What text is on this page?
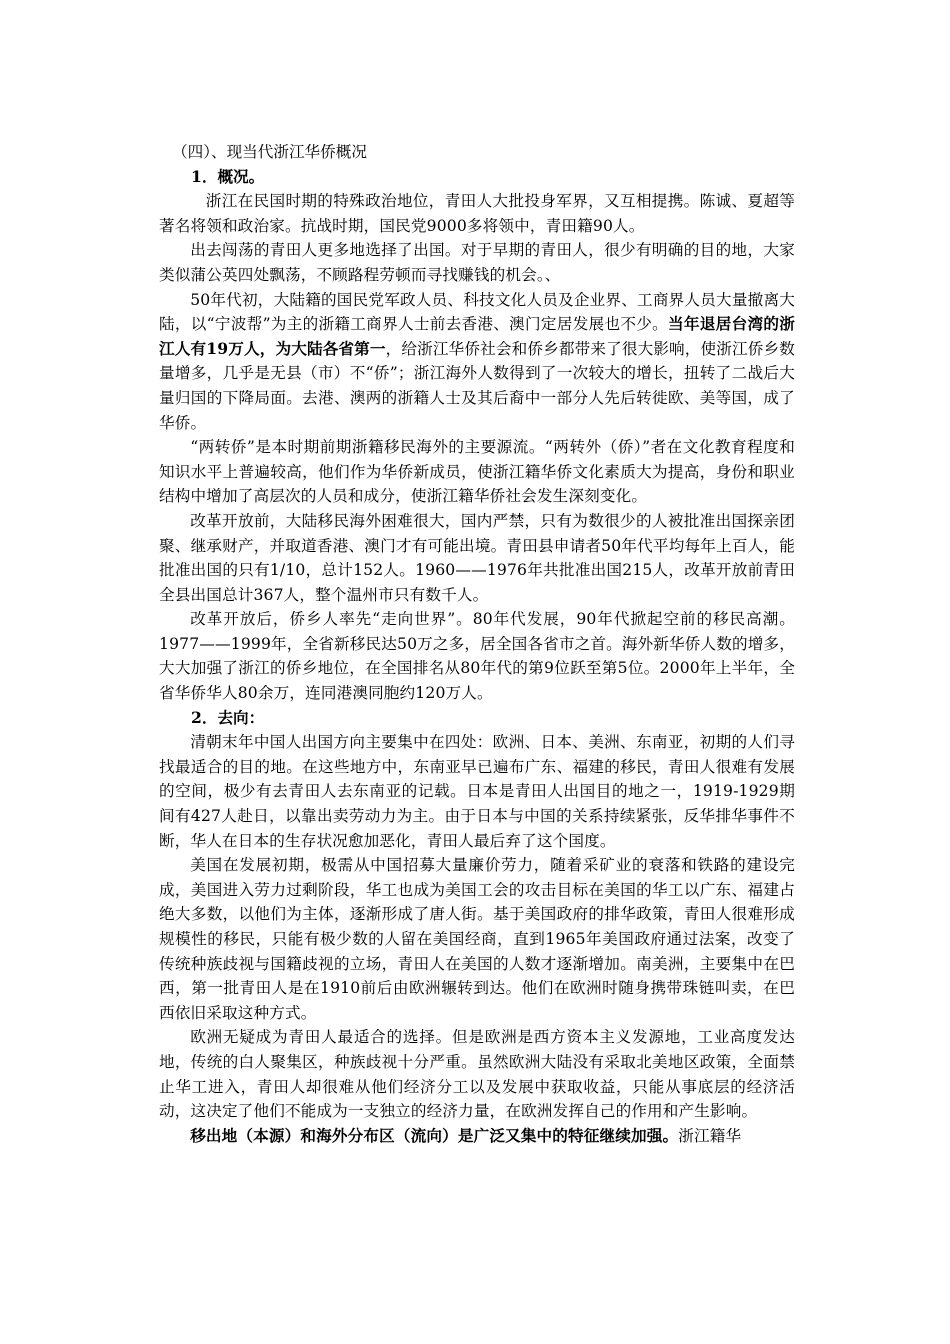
（四）、现当代浙江华侨概况

1．概况。

浙江在民国时期的特殊政治地位，青田人大批投身军界，又互相提携。陈诚、夏超等著名将领和政治家。抗战时期，国民党9000多将领中，青田籍90人。

出去闯荡的青田人更多地选择了出国。对于早期的青田人，很少有明确的目的地，大家类似蒲公英四处飘荡，不顾路程劳顿而寻找赚钱的机会。、

50年代初，大陆籍的国民党军政人员、科技文化人员及企业界、工商界人员大量撤离大陆，以“宁波帮”为主的浙籍工商界人士前去香港、澳门定居发展也不少。当年退居台湾的浙江人有19万人，为大陆各省第一，给浙江华侨社会和侨乡都带来了很大影响，使浙江侨乡数量增多，几乎是无县（市）不“侨”；浙江海外人数得到了一次较大的增长，扭转了二战后大量归国的下降局面。去港、澳两的浙籍人士及其后裔中一部分人先后转徙欧、美等国，成了华侨。

“两转侨”是本时期前期浙籍移民海外的主要源流。“两转外（侨）”者在文化教育程度和知识水平上普遍较高，他们作为华侨新成员，使浙江籍华侨文化素质大为提高，身份和职业结构中增加了高层次的人员和成分，使浙江籍华侨社会发生深刻变化。

改革开放前，大陆移民海外困难很大，国内严禁，只有为数很少的人被批准出国探亲团聚、继承财产，并取道香港、澳门才有可能出境。青田县申请者50年代平均每年上百人，能批准出国的只有1/10，总计152人。1960——1976年共批准出国215人，改革开放前青田全县出国总计367人，整个温州市只有数千人。

改革开放后，侨乡人率先“走向世界”。80年代发展，90年代掀起空前的移民高潮。1977——1999年，全省新移民达50万之多，居全国各省市之首。海外新华侨人数的增多，大大加强了浙江的侨乡地位，在全国排名从80年代的第9位跃至第5位。2000年上半年，全省华侨华人80余万，连同港澳同胞约120万人。

2．去向：

清朝末年中国人出国方向主要集中在四处：欧洲、日本、美洲、东南亚，初期的人们寻找最适合的目的地。在这些地方中，东南亚早已遍布广东、福建的移民，青田人很难有发展的空间，极少有去青田人去东南亚的记载。日本是青田人出国目的地之一，1919-1929期间有427人赴日，以靠出卖劳动力为主。由于日本与中国的关系持续紧张，反华排华事件不断，华人在日本的生存状况愈加恶化，青田人最后弃了这个国度。

美国在发展初期，极需从中国招募大量廉价劳力，随着采矿业的衰落和铁路的建设完成，美国进入劳力过剩阶段，华工也成为美国工会的攻击目标在美国的华工以广东、福建占绝大多数，以他们为主体，逐渐形成了唐人街。基于美国政府的排华政策，青田人很难形成规模性的移民，只能有极少数的人留在美国经商，直到1965年美国政府通过法案，改变了传统种族歧视与国籍歧视的立场，青田人在美国的人数才逐渐增加。南美洲，主要集中在巴西，第一批青田人是在1910前后由欧洲辗转到达。他们在欧洲时随身携带珠链叫卖，在巴西依旧采取这种方式。

欧洲无疑成为青田人最适合的选择。但是欧洲是西方资本主义发源地，工业高度发达地，传统的白人聚集区，种族歧视十分严重。虽然欧洲大陆没有采取北美地区政策，全面禁止华工进入，青田人却很难从他们经济分工以及发展中获取收益，只能从事底层的经济活动，这决定了他们不能成为一支独立的经济力量，在欧洲发挥自己的作用和产生影响。

移出地（本源）和海外分布区（流向）是广泛又集中的特征继续加强。浙江籍华
